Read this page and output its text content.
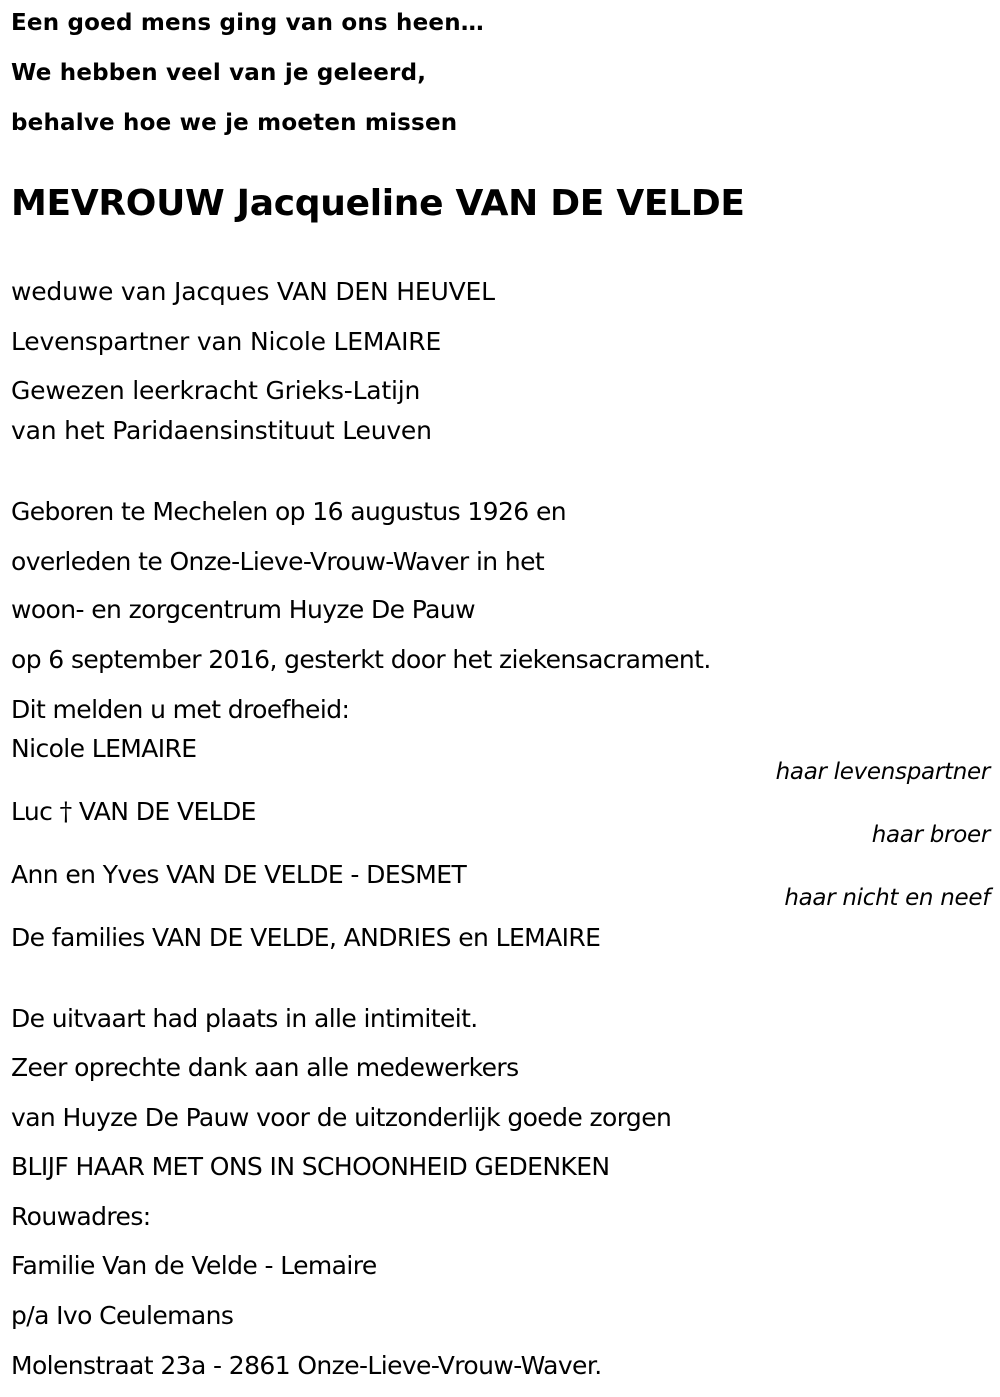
Een goed mens ging van ons heen…
We hebben veel van je geleerd,
behalve hoe we je moeten missen
MEVROUW Jacqueline VAN DE VELDE
weduwe van Jacques VAN DEN HEUVEL
Levenspartner van Nicole LEMAIRE
Gewezen leerkracht Grieks-Latijn
van het Paridaensinstituut Leuven
Geboren te Mechelen op 16 augustus 1926 en
overleden te Onze-Lieve-Vrouw-Waver in het
woon- en zorgcentrum Huyze De Pauw
op 6 september 2016, gesterkt door het ziekensacrament.
Dit melden u met droefheid:
Nicole LEMAIRE
haar levenspartner
Luc † VAN DE VELDE
haar broer
Ann en Yves VAN DE VELDE - DESMET
haar nicht en neef
De families VAN DE VELDE, ANDRIES en LEMAIRE
De uitvaart had plaats in alle intimiteit.
Zeer oprechte dank aan alle medewerkers
van Huyze De Pauw voor de uitzonderlijk goede zorgen
BLIJF HAAR MET ONS IN SCHOONHEID GEDENKEN
Rouwadres:
Familie Van de Velde - Lemaire
p/a Ivo Ceulemans
Molenstraat 23a - 2861 Onze-Lieve-Vrouw-Waver.
